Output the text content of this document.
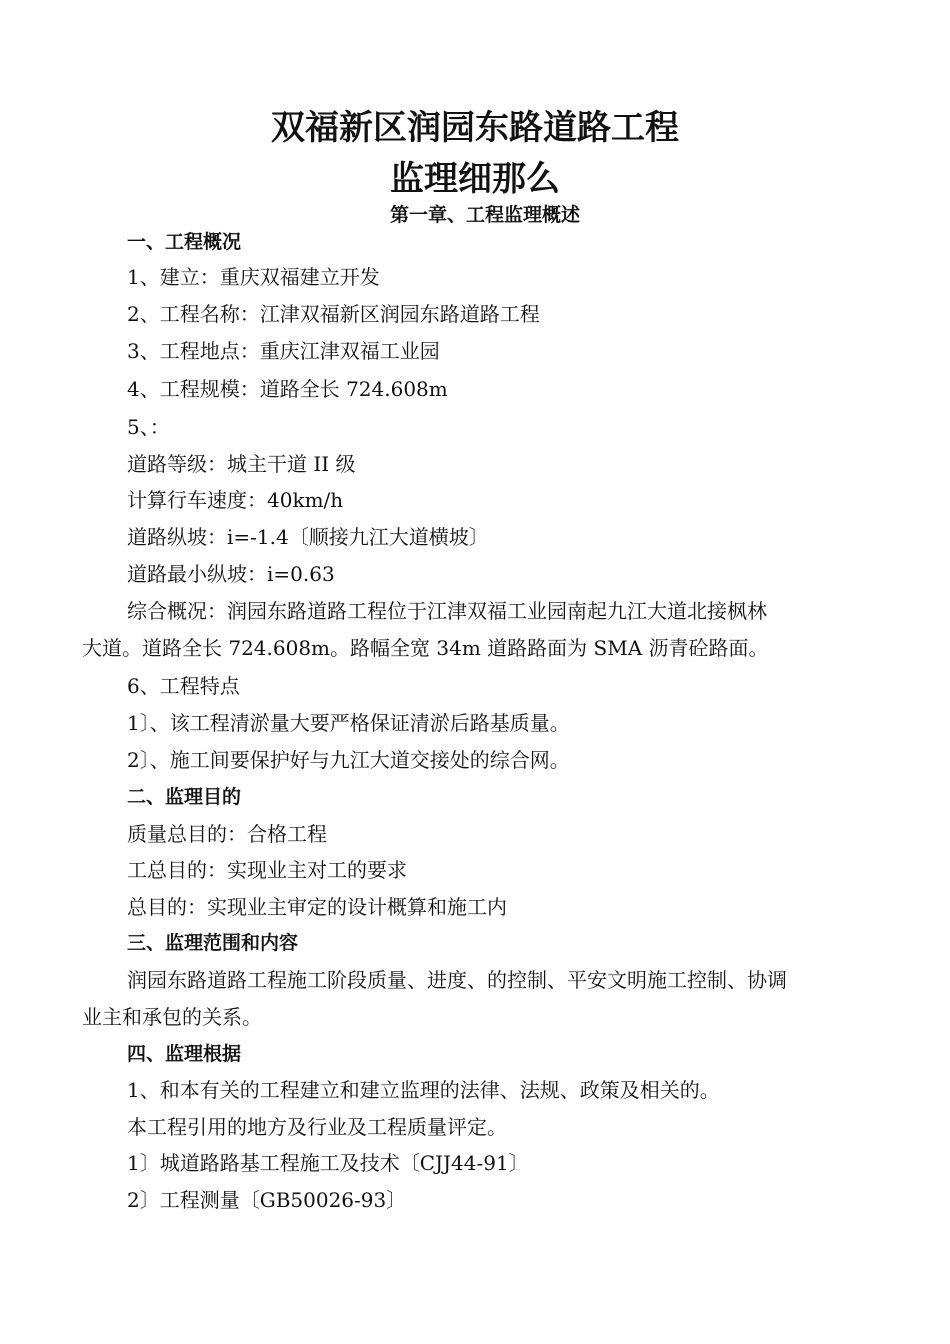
双福新区润园东路道路工程
监理细那么
第一章、工程监理概述
一、工程概况
1、建立：重庆双福建立开发
2、工程名称：江津双福新区润园东路道路工程
3、工程地点：重庆江津双福工业园
4、工程规模：道路全长 724.608m
5、：
道路等级：城主干道 II 级
计算行车速度：40km/h
道路纵坡：i=-1.4〔顺接九江大道横坡〕
道路最小纵坡：i=0.63
综合概况：润园东路道路工程位于江津双福工业园南起九江大道北接枫林
大道。道路全长 724.608m。路幅全宽 34m 道路路面为 SMA 沥青砼路面。
6、工程特点
1〕、该工程清淤量大要严格保证清淤后路基质量。
2〕、施工间要保护好与九江大道交接处的综合网。
二、监理目的
质量总目的：合格工程
工总目的：实现业主对工的要求
总目的：实现业主审定的设计概算和施工内
三、监理范围和内容
润园东路道路工程施工阶段质量、进度、的控制、平安文明施工控制、协调
业主和承包的关系。
四、监理根据
1、和本有关的工程建立和建立监理的法律、法规、政策及相关的。
本工程引用的地方及行业及工程质量评定。
1〕城道路路基工程施工及技术〔CJJ44-91〕
2〕工程测量〔GB50026-93〕
